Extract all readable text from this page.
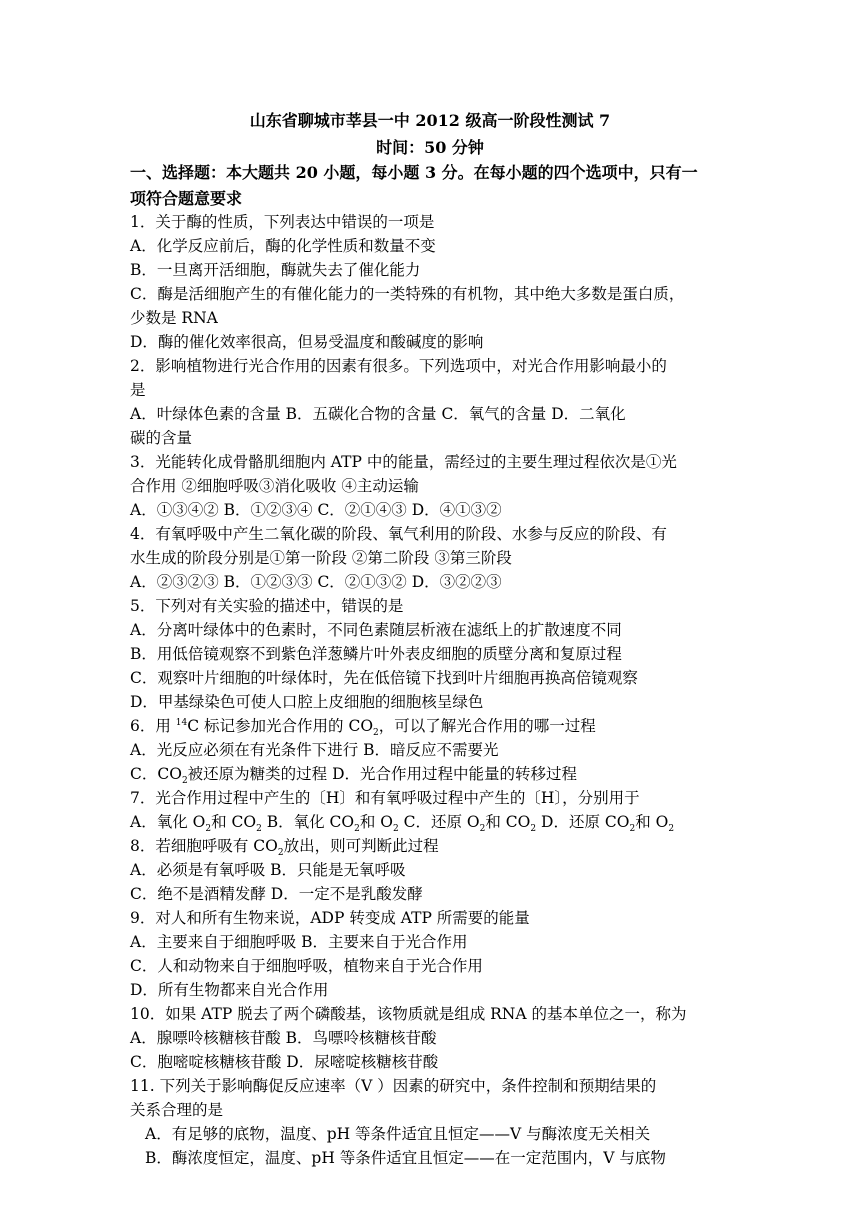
山东省聊城市莘县一中 2012 级高一阶段性测试 7
时间：50 分钟
一、选择题：本大题共 20 小题，每小题 3 分。在每小题的四个选项中，只有一
项符合题意要求
1．关于酶的性质，下列表达中错误的一项是
A．化学反应前后，酶的化学性质和数量不变
B．一旦离开活细胞，酶就失去了催化能力
C．酶是活细胞产生的有催化能力的一类特殊的有机物，其中绝大多数是蛋白质，
少数是 RNA
D．酶的催化效率很高，但易受温度和酸碱度的影响
2．影响植物进行光合作用的因素有很多。下列选项中，对光合作用影响最小的
是
A．叶绿体色素的含量 B．五碳化合物的含量 C．氧气的含量 D．二氧化
碳的含量
3．光能转化成骨骼肌细胞内 ATP 中的能量，需经过的主要生理过程依次是①光
合作用 ②细胞呼吸③消化吸收 ④主动运输
A．①③④② B．①②③④ C．②①④③ D．④①③②
4．有氧呼吸中产生二氧化碳的阶段、氧气利用的阶段、水参与反应的阶段、有
水生成的阶段分别是①第一阶段 ②第二阶段 ③第三阶段
A．②③②③ B．①②③③ C．②①③② D．③②②③
5．下列对有关实验的描述中，错误的是
A．分离叶绿体中的色素时，不同色素随层析液在滤纸上的扩散速度不同
B．用低倍镜观察不到紫色洋葱鳞片叶外表皮细胞的质壁分离和复原过程
C．观察叶片细胞的叶绿体时，先在低倍镜下找到叶片细胞再换高倍镜观察
D．甲基绿染色可使人口腔上皮细胞的细胞核呈绿色
6．用 $^{14}$C 标记参加光合作用的 $CO_2$，可以了解光合作用的哪一过程
A．光反应必须在有光条件下进行 B．暗反应不需要光
C．$CO_2$被还原为糖类的过程 D．光合作用过程中能量的转移过程
7．光合作用过程中产生的〔H〕和有氧呼吸过程中产生的〔H〕，分别用于
A．氧化 $O_2$和 $CO_2$ B．氧化 $CO_2$和 $O_2$ C．还原 $O_2$和 $CO_2$ D．还原 $CO_2$和 $O_2$
8．若细胞呼吸有 $CO_2$放出，则可判断此过程
A．必须是有氧呼吸 B．只能是无氧呼吸
C．绝不是酒精发酵 D．一定不是乳酸发酵
9．对人和所有生物来说，ADP 转变成 ATP 所需要的能量
A．主要来自于细胞呼吸 B．主要来自于光合作用
C．人和动物来自于细胞呼吸，植物来自于光合作用
D．所有生物都来自光合作用
10．如果 ATP 脱去了两个磷酸基，该物质就是组成 RNA 的基本单位之一，称为
A．腺嘌呤核糖核苷酸 B．鸟嘌呤核糖核苷酸
C．胞嘧啶核糖核苷酸 D．尿嘧啶核糖核苷酸
11. 下列关于影响酶促反应速率（V ）因素的研究中，条件控制和预期结果的
关系合理的是
A．有足够的底物，温度、pH 等条件适宜且恒定——V 与酶浓度无关相关
B．酶浓度恒定，温度、pH 等条件适宜且恒定——在一定范围内，V 与底物
